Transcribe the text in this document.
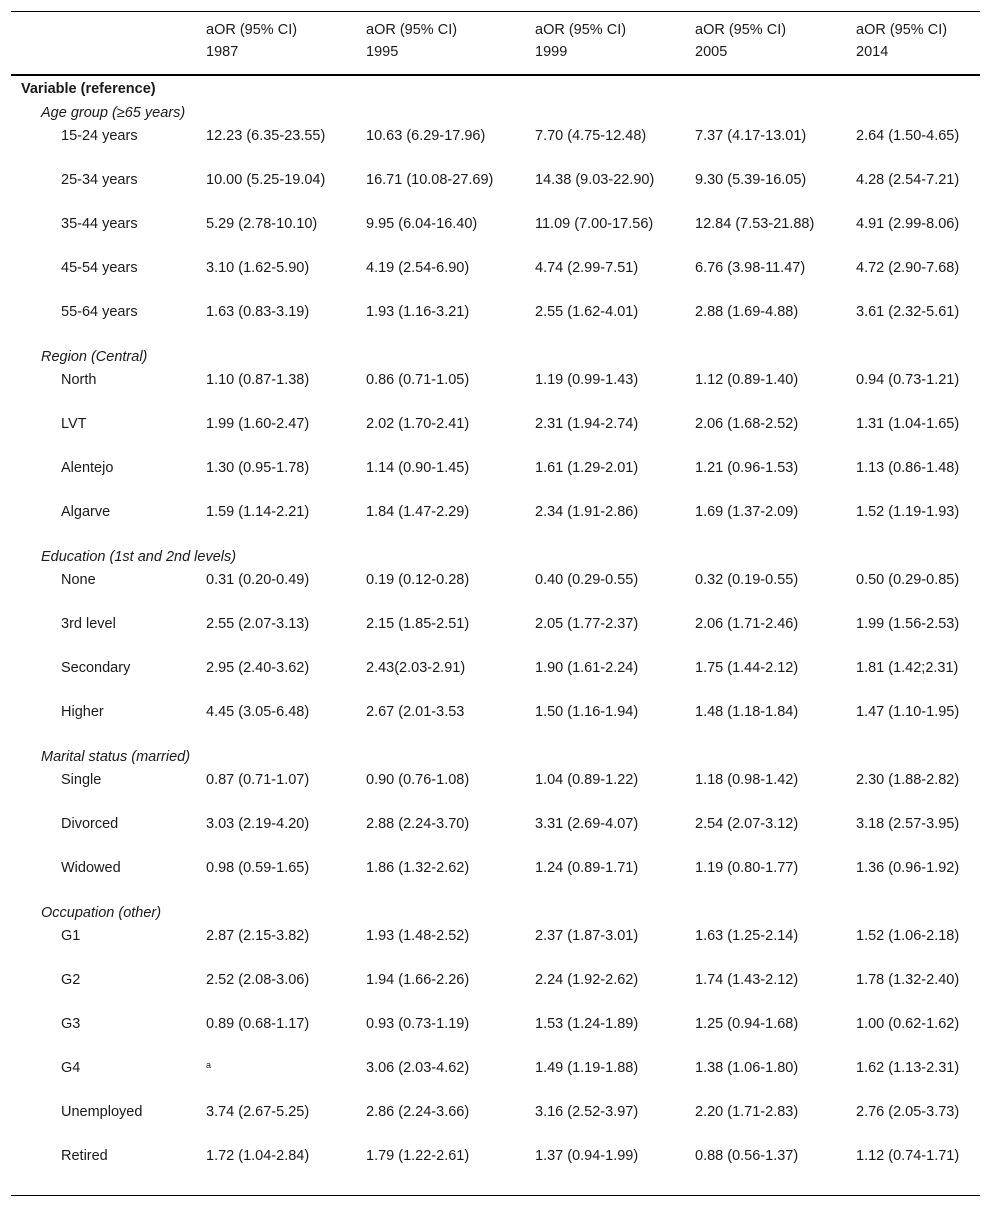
	aOR (95% CI)	aOR (95% CI)	aOR (95% CI)	aOR (95% CI)	aOR (95% CI)
	1987	1995	1999	2005	2014
Variable (reference)					
Age group (≥65 years)					
15-24 years	12.23 (6.35-23.55)	10.63 (6.29-17.96)	7.70 (4.75-12.48)	7.37 (4.17-13.01)	2.64 (1.50-4.65)
25-34 years	10.00 (5.25-19.04)	16.71 (10.08-27.69)	14.38 (9.03-22.90)	9.30 (5.39-16.05)	4.28 (2.54-7.21)
35-44 years	5.29 (2.78-10.10)	9.95 (6.04-16.40)	11.09 (7.00-17.56)	12.84 (7.53-21.88)	4.91 (2.99-8.06)
45-54 years	3.10 (1.62-5.90)	4.19 (2.54-6.90)	4.74 (2.99-7.51)	6.76 (3.98-11.47)	4.72 (2.90-7.68)
55-64 years	1.63 (0.83-3.19)	1.93 (1.16-3.21)	2.55 (1.62-4.01)	2.88 (1.69-4.88)	3.61 (2.32-5.61)
Region (Central)					
North	1.10 (0.87-1.38)	0.86 (0.71-1.05)	1.19 (0.99-1.43)	1.12 (0.89-1.40)	0.94 (0.73-1.21)
LVT	1.99 (1.60-2.47)	2.02 (1.70-2.41)	2.31 (1.94-2.74)	2.06 (1.68-2.52)	1.31 (1.04-1.65)
Alentejo	1.30 (0.95-1.78)	1.14 (0.90-1.45)	1.61 (1.29-2.01)	1.21 (0.96-1.53)	1.13 (0.86-1.48)
Algarve	1.59 (1.14-2.21)	1.84 (1.47-2.29)	2.34 (1.91-2.86)	1.69 (1.37-2.09)	1.52 (1.19-1.93)
Education (1st and 2nd levels)					
None	0.31 (0.20-0.49)	0.19 (0.12-0.28)	0.40 (0.29-0.55)	0.32 (0.19-0.55)	0.50 (0.29-0.85)
3rd level	2.55 (2.07-3.13)	2.15 (1.85-2.51)	2.05 (1.77-2.37)	2.06 (1.71-2.46)	1.99 (1.56-2.53)
Secondary	2.95 (2.40-3.62)	2.43(2.03-2.91)	1.90 (1.61-2.24)	1.75 (1.44-2.12)	1.81 (1.42;2.31)
Higher	4.45 (3.05-6.48)	2.67 (2.01-3.53	1.50 (1.16-1.94)	1.48 (1.18-1.84)	1.47 (1.10-1.95)
Marital status (married)					
Single	0.87 (0.71-1.07)	0.90 (0.76-1.08)	1.04 (0.89-1.22)	1.18 (0.98-1.42)	2.30 (1.88-2.82)
Divorced	3.03 (2.19-4.20)	2.88 (2.24-3.70)	3.31 (2.69-4.07)	2.54 (2.07-3.12)	3.18 (2.57-3.95)
Widowed	0.98 (0.59-1.65)	1.86 (1.32-2.62)	1.24 (0.89-1.71)	1.19 (0.80-1.77)	1.36 (0.96-1.92)
Occupation (other)					
G1	2.87 (2.15-3.82)	1.93 (1.48-2.52)	2.37 (1.87-3.01)	1.63 (1.25-2.14)	1.52 (1.06-2.18)
G2	2.52 (2.08-3.06)	1.94 (1.66-2.26)	2.24 (1.92-2.62)	1.74 (1.43-2.12)	1.78 (1.32-2.40)
G3	0.89 (0.68-1.17)	0.93 (0.73-1.19)	1.53 (1.24-1.89)	1.25 (0.94-1.68)	1.00 (0.62-1.62)
G4	$^a$	3.06 (2.03-4.62)	1.49 (1.19-1.88)	1.38 (1.06-1.80)	1.62 (1.13-2.31)
Unemployed	3.74 (2.67-5.25)	2.86 (2.24-3.66)	3.16 (2.52-3.97)	2.20 (1.71-2.83)	2.76 (2.05-3.73)
Retired	1.72 (1.04-2.84)	1.79 (1.22-2.61)	1.37 (0.94-1.99)	0.88 (0.56-1.37)	1.12 (0.74-1.71)
